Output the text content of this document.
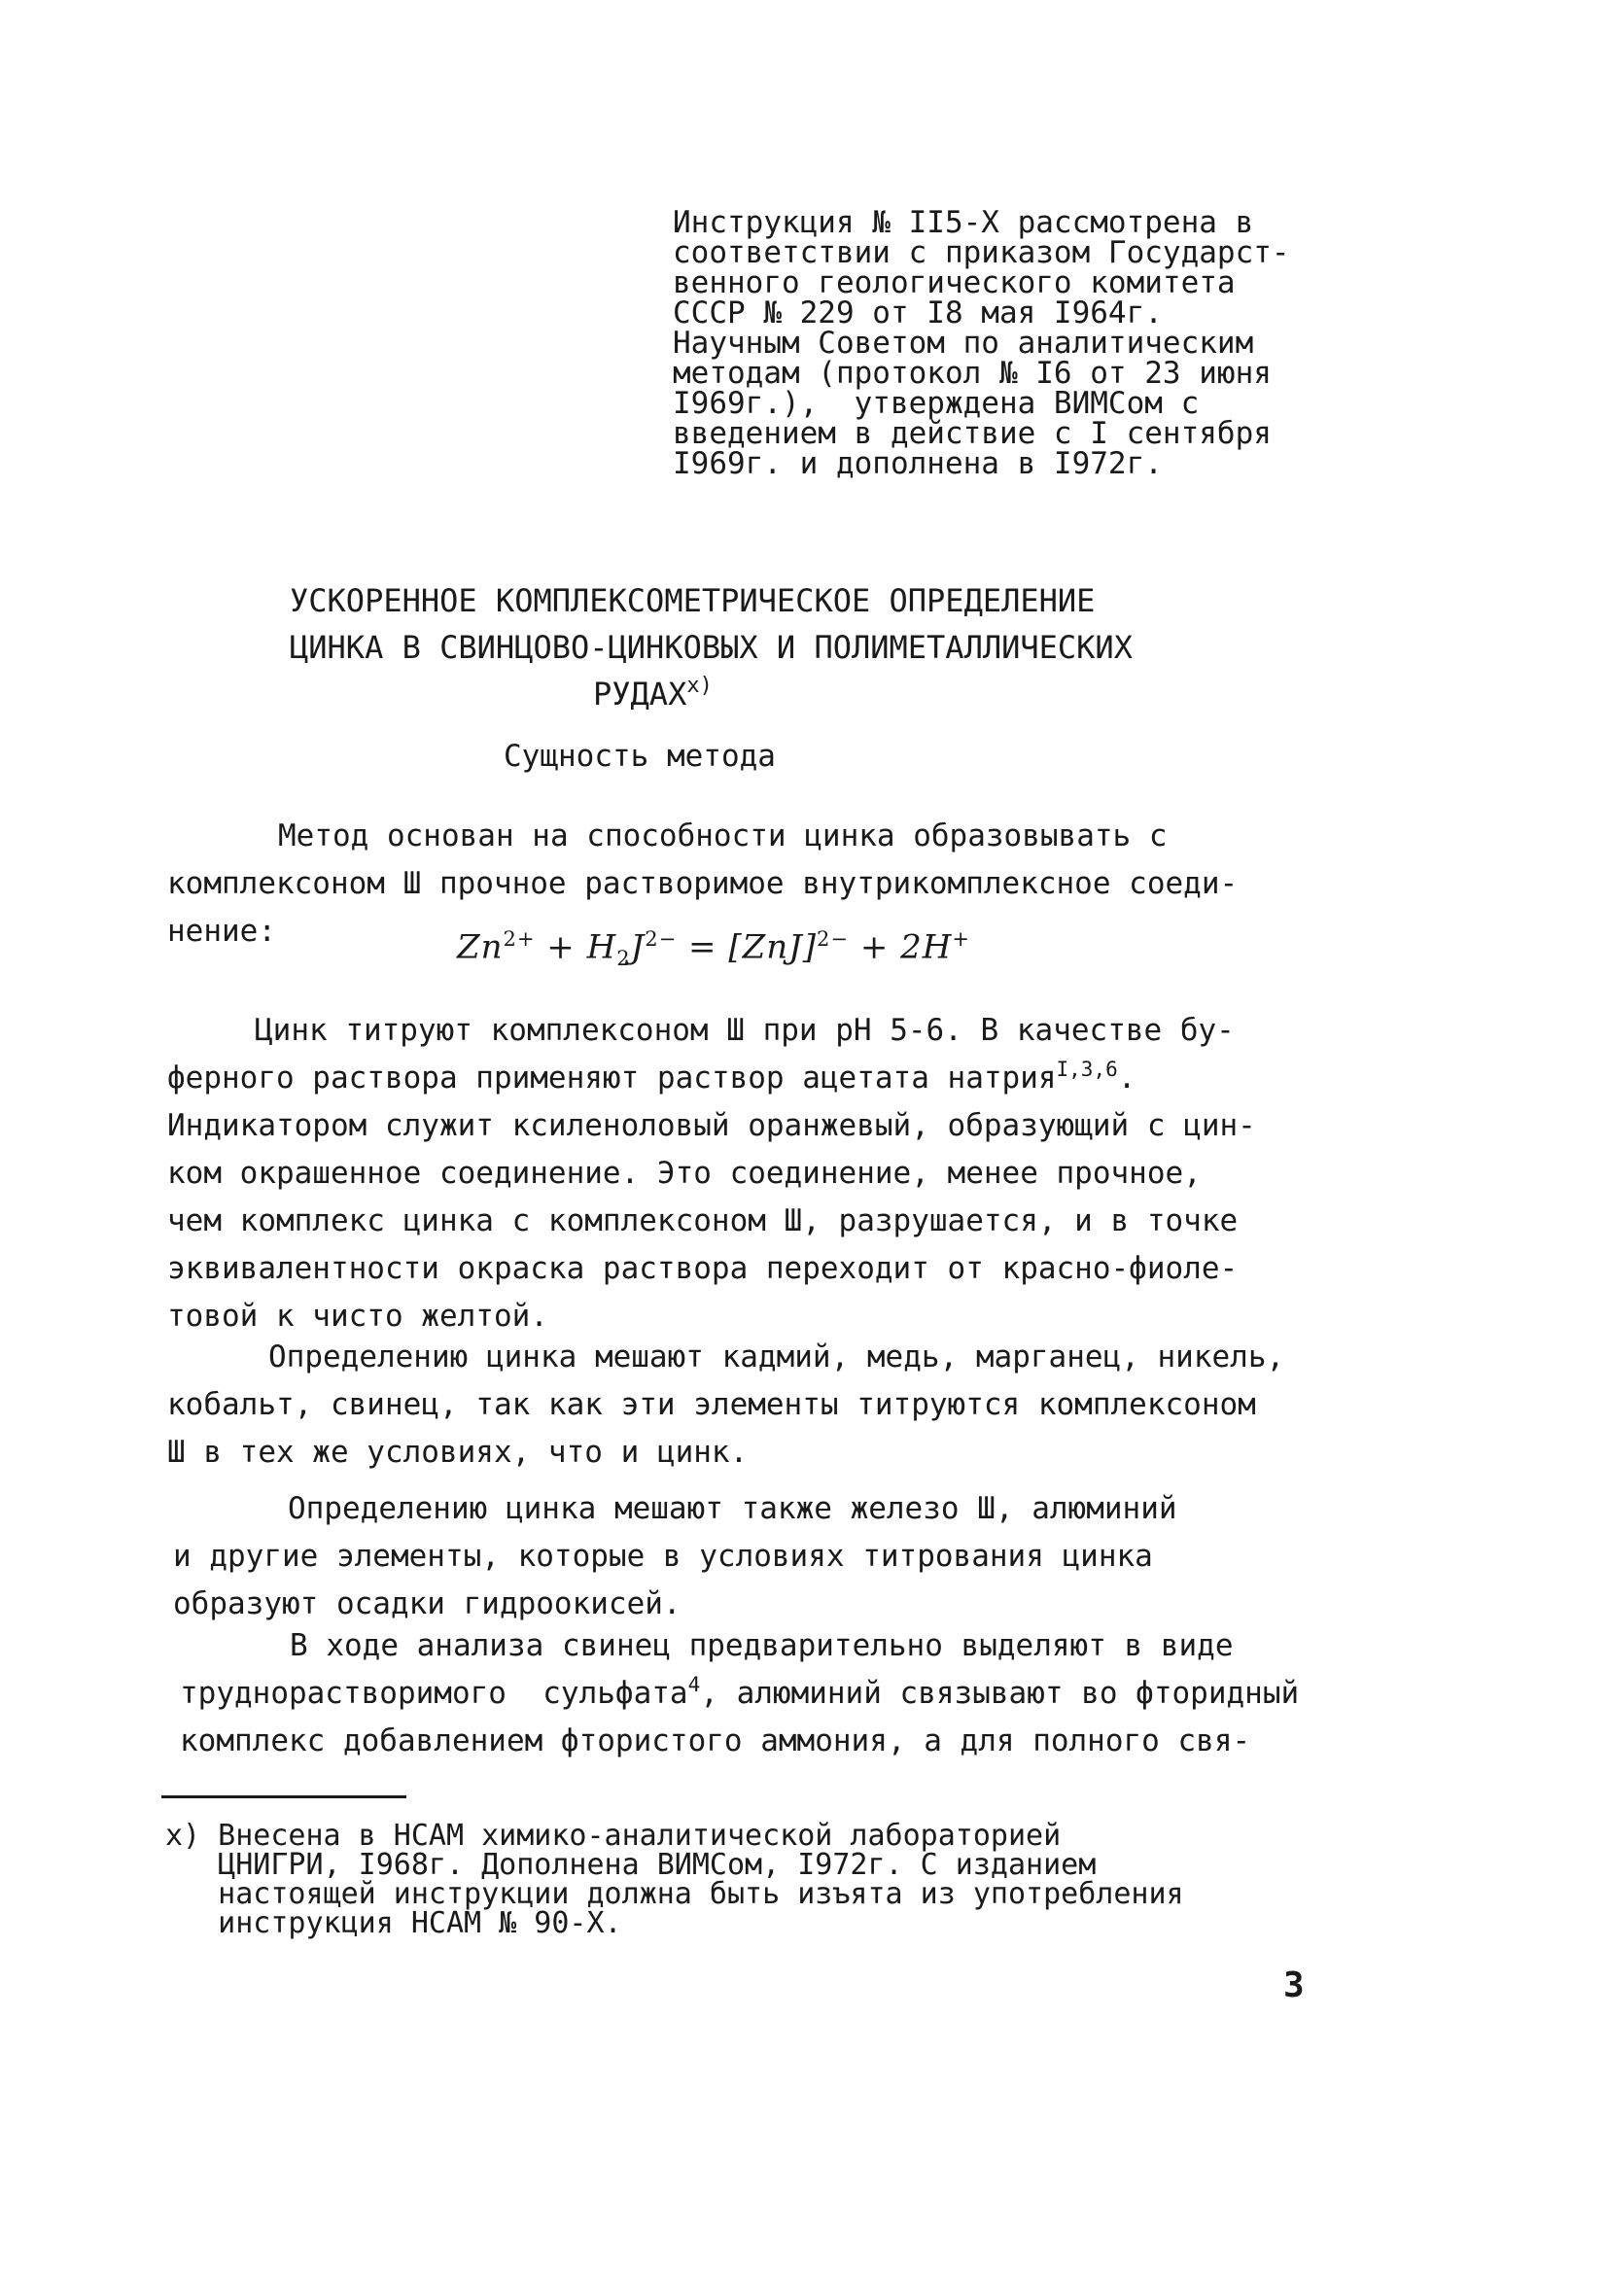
Инструкция № II5-Х рассмотрена в
соответствии с приказом Государст-
венного геологического комитета
СССР № 229 от I8 мая I964г.
Научным Советом по аналитическим
методам (протокол № I6 от 23 июня
I969г.),  утверждена ВИМСом с
введением в действие с I сентября
I969г. и дополнена в I972г.
УСКОРЕННОЕ КОМПЛЕКСОМЕТРИЧЕСКОЕ ОПРЕДЕЛЕНИЕ
ЦИНКА В СВИНЦОВО-ЦИНКОВЫХ И ПОЛИМЕТАЛЛИЧЕСКИХ
$РУДАХ^{х)}$
Сущность метода
Метод основан на способности цинка образовывать с
комплексоном Ш прочное растворимое внутрикомплексное соеди-
нение:	$Zn^{2+} + H_2J^{2-} = [ZnJ]^{2-} + 2H^+$
Цинк титруют комплексоном Ш при рН 5-6. В качестве бу-
ферного раствора применяют раствор ацетата натрия$^{I,3,6}$.
Индикатором служит ксиленоловый оранжевый, образующий с цин-
ком окрашенное соединение. Это соединение, менее прочное,
чем комплекс цинка с комплексоном Ш, разрушается, и в точке
эквивалентности окраска раствора переходит от красно-фиоле-
товой к чисто желтой.
Определению цинка мешают кадмий, медь, марганец, никель,
кобальт, свинец, так как эти элементы титруются комплексоном
Ш в тех же условиях, что и цинк.
Определению цинка мешают также железо Ш, алюминий
и другие элементы, которые в условиях титрования цинка
образуют осадки гидроокисей.
В ходе анализа свинец предварительно выделяют в виде
труднорастворимого  сульфата$^4$, алюминий связывают во фторидный
комплекс добавлением фтористого аммония, а для полного свя-
х) Внесена в НСАМ химико-аналитической лабораторией
ЦНИГРИ, I968г. Дополнена ВИМСом, I972г. С изданием
настоящей инструкции должна быть изъята из употребления
инструкция НСАМ № 90-Х.
3
